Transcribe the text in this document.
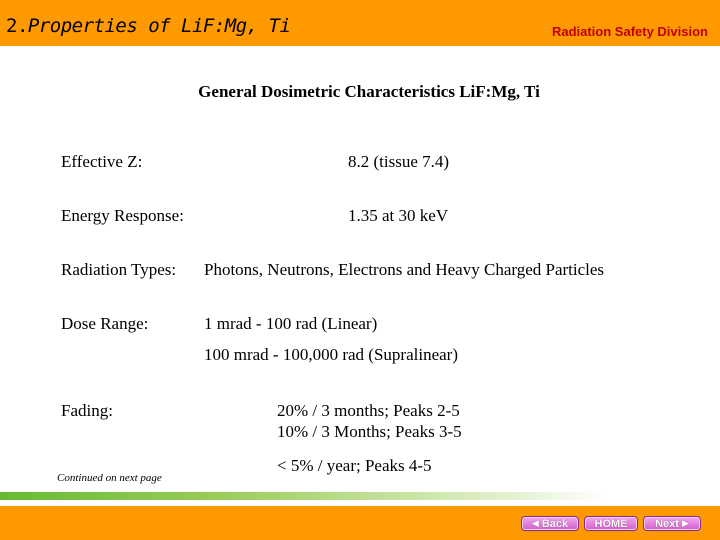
2.Properties of LiF:Mg, Ti	Radiation Safety Division
General Dosimetric Characteristics LiF:Mg, Ti
Effective Z:	8.2 (tissue 7.4)
Energy Response:	1.35 at 30 keV
Radiation Types: Photons, Neutrons, Electrons and Heavy Charged Particles
Dose Range:	1 mrad - 100 rad (Linear)
100 mrad - 100,000 rad (Supralinear)
Fading:	20% / 3 months; Peaks 2-5
10% / 3 Months; Peaks 3-5
< 5% / year; Peaks 4-5
Continued on next page
◀
Back HOME	Next
▶
